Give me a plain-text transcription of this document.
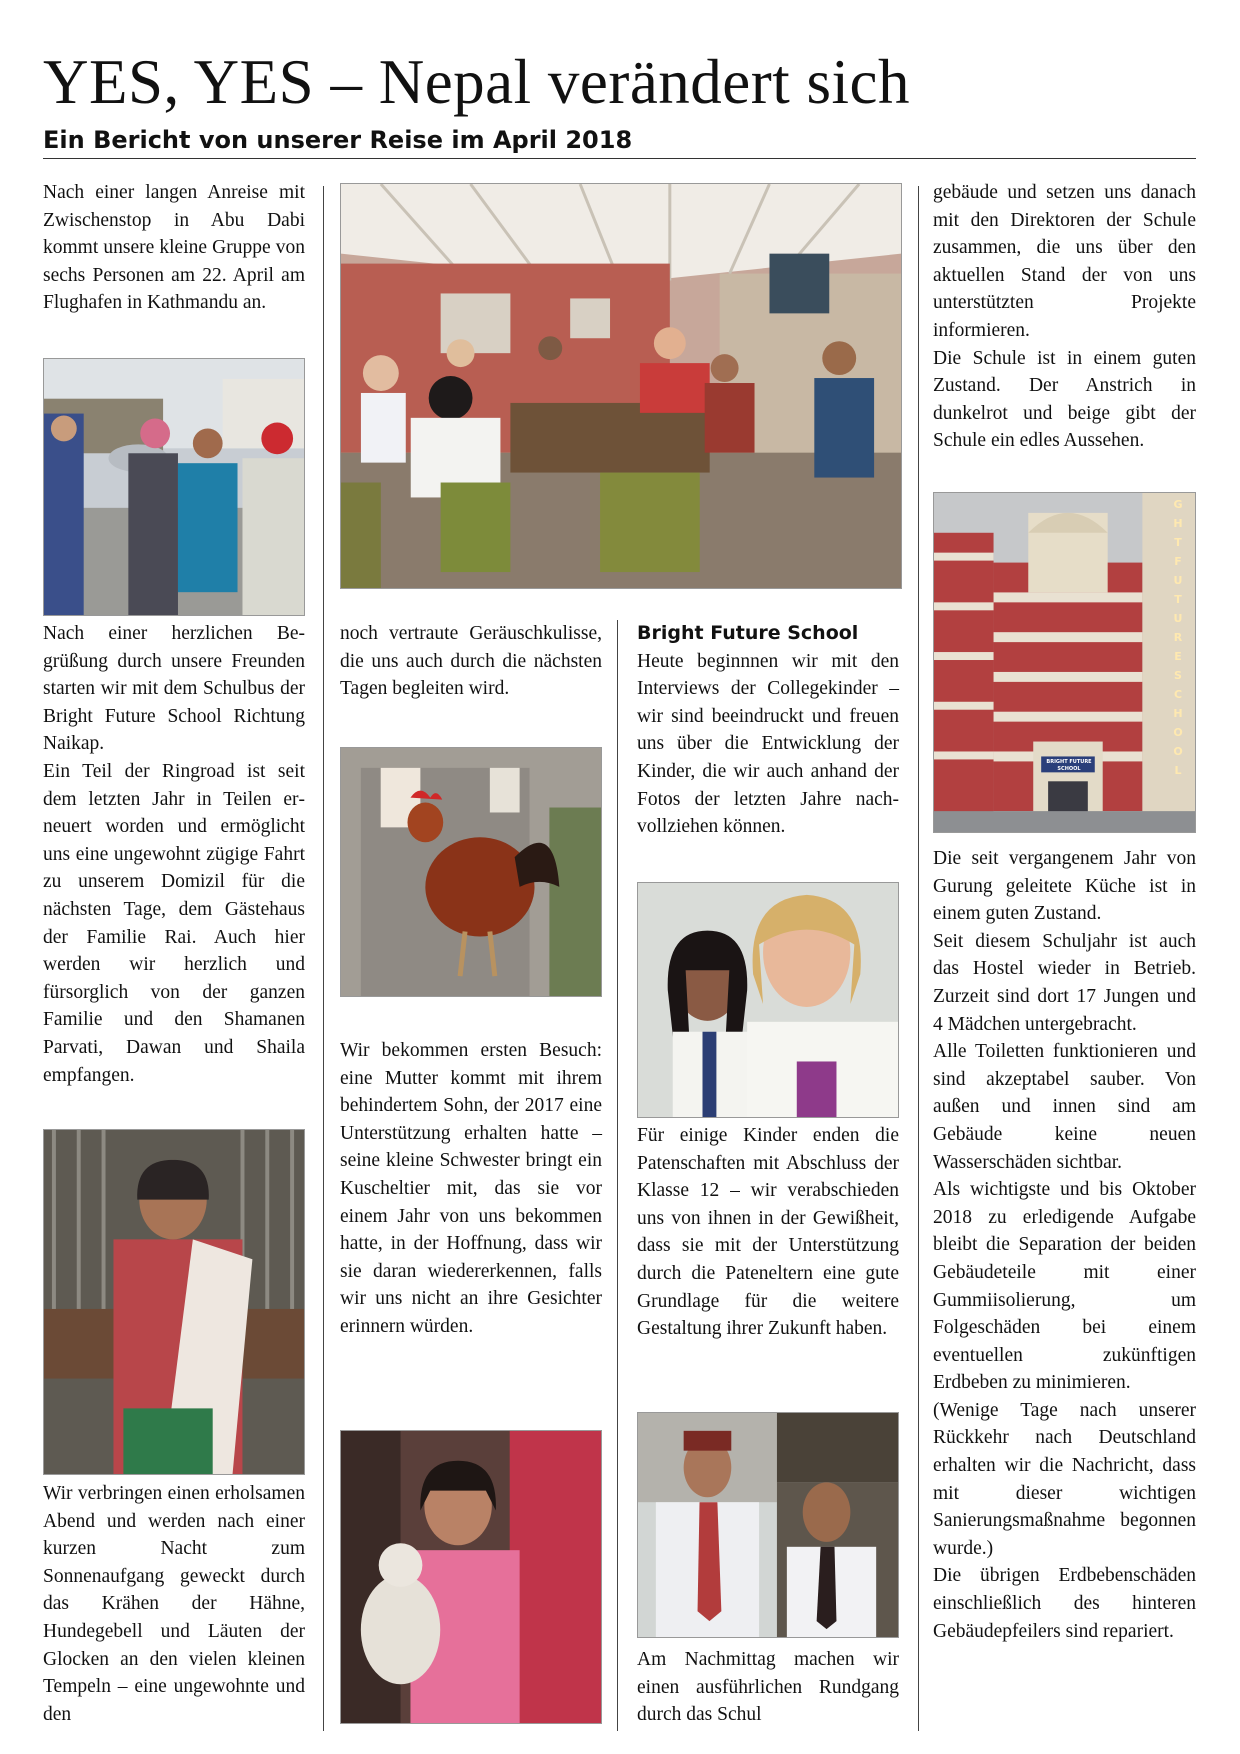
YES, YES – Nepal verändert sich
Ein Bericht von unserer Reise im April 2018

Nach einer langen Anreise mit Zwischenstop in Abu Dabi kommt unsere kleine Gruppe von sechs Personen am 22. April am Flughafen in Kathmandu an.

Nach einer herzlichen Begrüßung durch unsere Freunden starten wir mit dem Schulbus der Bright Future School Richtung Naikap.

Ein Teil der Ringroad ist seit dem letzten Jahr in Teilen erneuert worden und ermöglicht uns eine ungewohnt zügige Fahrt zu unserem Domizil für die nächsten Tage, dem Gästehaus der Familie Rai. Auch hier werden wir herzlich und fürsorglich von der ganzen Familie und den Shamanen Parvati, Dawan und Shaila empfangen.

Wir verbringen einen erholsamen Abend und werden nach einer kurzen Nacht zum Sonnenaufgang geweckt durch das Krähen der Hähne, Hundegebell und Läuten der Glocken an den vielen kleinen Tempeln – eine ungewohnte und den

noch vertraute Geräuschkulisse, die uns auch durch die nächsten Tagen begleiten wird.

Wir bekommen ersten Besuch: eine Mutter kommt mit ihrem behindertem Sohn, der 2017 eine Unterstützung erhalten hatte – seine kleine Schwester bringt ein Kuscheltier mit, das sie vor einem Jahr von uns bekommen hatte, in der Hoffnung, dass wir sie daran wiedererkennen, falls wir uns nicht an ihre Gesichter erinnern würden.

Bright Future School

Heute beginnnen wir mit den Interviews der Collegekinder – wir sind beeindruckt und freuen uns über die Entwicklung der Kinder, die wir auch anhand der Fotos der letzten Jahre nachvollziehen können.

Für einige Kinder enden die Patenschaften mit Abschluss der Klasse 12 – wir verabschieden uns von ihnen in der Gewißheit, dass sie mit der Unterstützung durch die Pateneltern eine gute Grundlage für die weitere Gestaltung ihrer Zukunft haben.

Am Nachmittag machen wir einen ausführlichen Rundgang durch das Schul

gebäude und setzen uns danach mit den Direktoren der Schule zusammen, die uns über den aktuellen Stand der von uns unterstützten Projekte informieren.

Die Schule ist in einem guten Zustand. Der Anstrich in dunkelrot und beige gibt der Schule ein edles Aussehen.

GHT FUTURE SCHOOL
BRIGHT FUTURE SCHOOL

Die seit vergangenem Jahr von Gurung geleitete Küche ist in einem guten Zustand.

Seit diesem Schuljahr ist auch das Hostel wieder in Betrieb. Zurzeit sind dort 17 Jungen und 4 Mädchen untergebracht.

Alle Toiletten funktionieren und sind akzeptabel sauber. Von außen und innen sind am Gebäude keine neuen Wasserschäden sichtbar.

Als wichtigste und bis Oktober 2018 zu erledigende Aufgabe bleibt die Separation der beiden Gebäudeteile mit einer Gummiisolierung, um Folgeschäden bei einem eventuellen zukünftigen Erdbeben zu minimieren.

(Wenige Tage nach unserer Rückkehr nach Deutschland erhalten wir die Nachricht, dass mit dieser wichtigen Sanierungsmaßnahme begonnen wurde.)

Die übrigen Erdbebenschäden einschließlich des hinteren Gebäudepfeilers sind repariert.
